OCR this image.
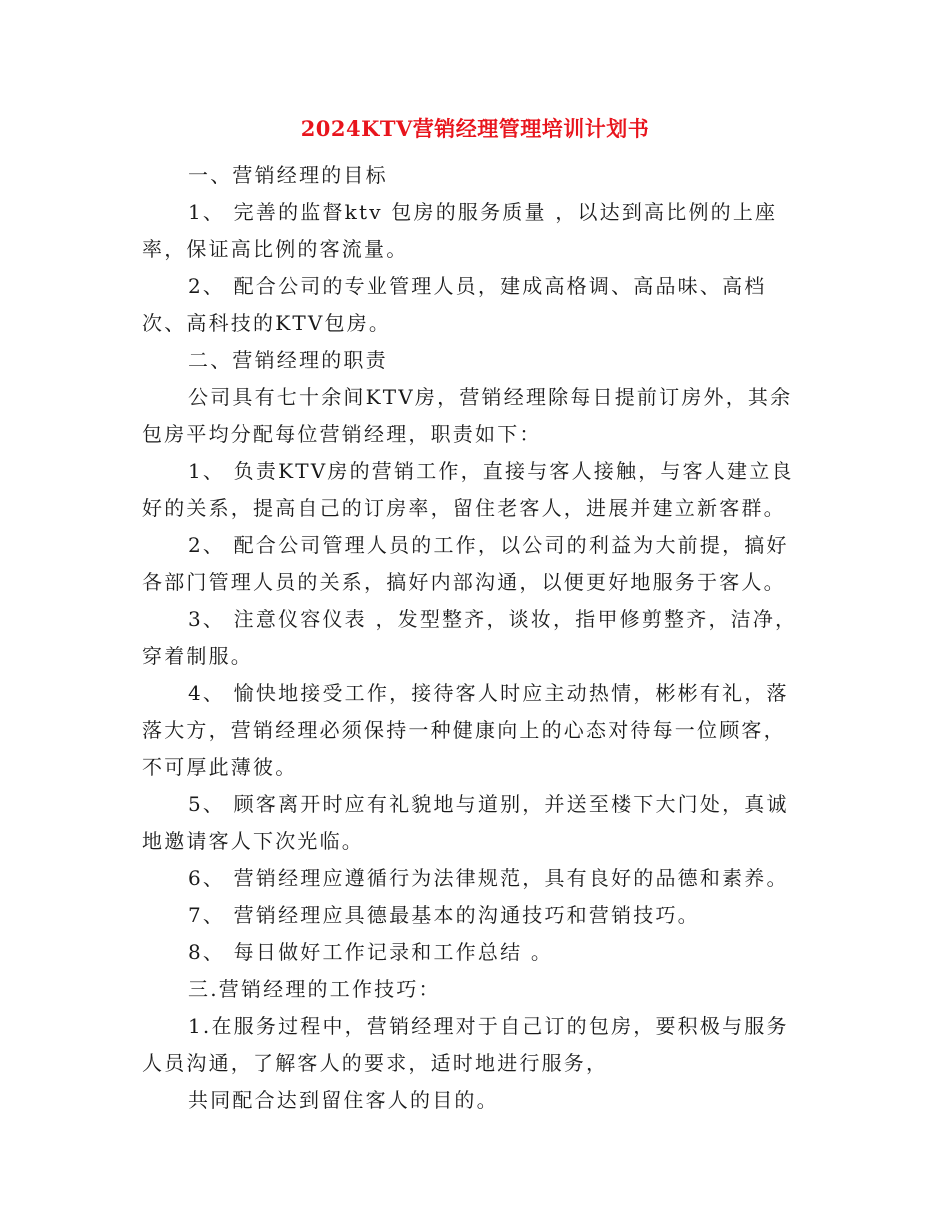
2024KTV营销经理管理培训计划书

一、营销经理的目标

1、 完善的监督ktv 包房的服务质量 ，以达到高比例的上座率，保证高比例的客流量。

2、 配合公司的专业管理人员，建成高格调、高品味、高档次、高科技的KTV包房。

二、营销经理的职责

公司具有七十余间KTV房，营销经理除每日提前订房外，其余包房平均分配每位营销经理，职责如下：

1、 负责KTV房的营销工作，直接与客人接触，与客人建立良好的关系，提高自己的订房率，留住老客人，进展并建立新客群。

2、 配合公司管理人员的工作，以公司的利益为大前提，搞好各部门管理人员的关系，搞好内部沟通，以便更好地服务于客人。

3、 注意仪容仪表 ，发型整齐，谈妆，指甲修剪整齐，洁净，穿着制服。

4、 愉快地接受工作，接待客人时应主动热情，彬彬有礼，落落大方，营销经理必须保持一种健康向上的心态对待每一位顾客，不可厚此薄彼。

5、 顾客离开时应有礼貌地与道别，并送至楼下大门处，真诚地邀请客人下次光临。

6、 营销经理应遵循行为法律规范，具有良好的品德和素养。

7、 营销经理应具德最基本的沟通技巧和营销技巧。

8、 每日做好工作记录和工作总结 。

三.营销经理的工作技巧：

1.在服务过程中，营销经理对于自己订的包房，要积极与服务人员沟通，了解客人的要求，适时地进行服务，

共同配合达到留住客人的目的。
